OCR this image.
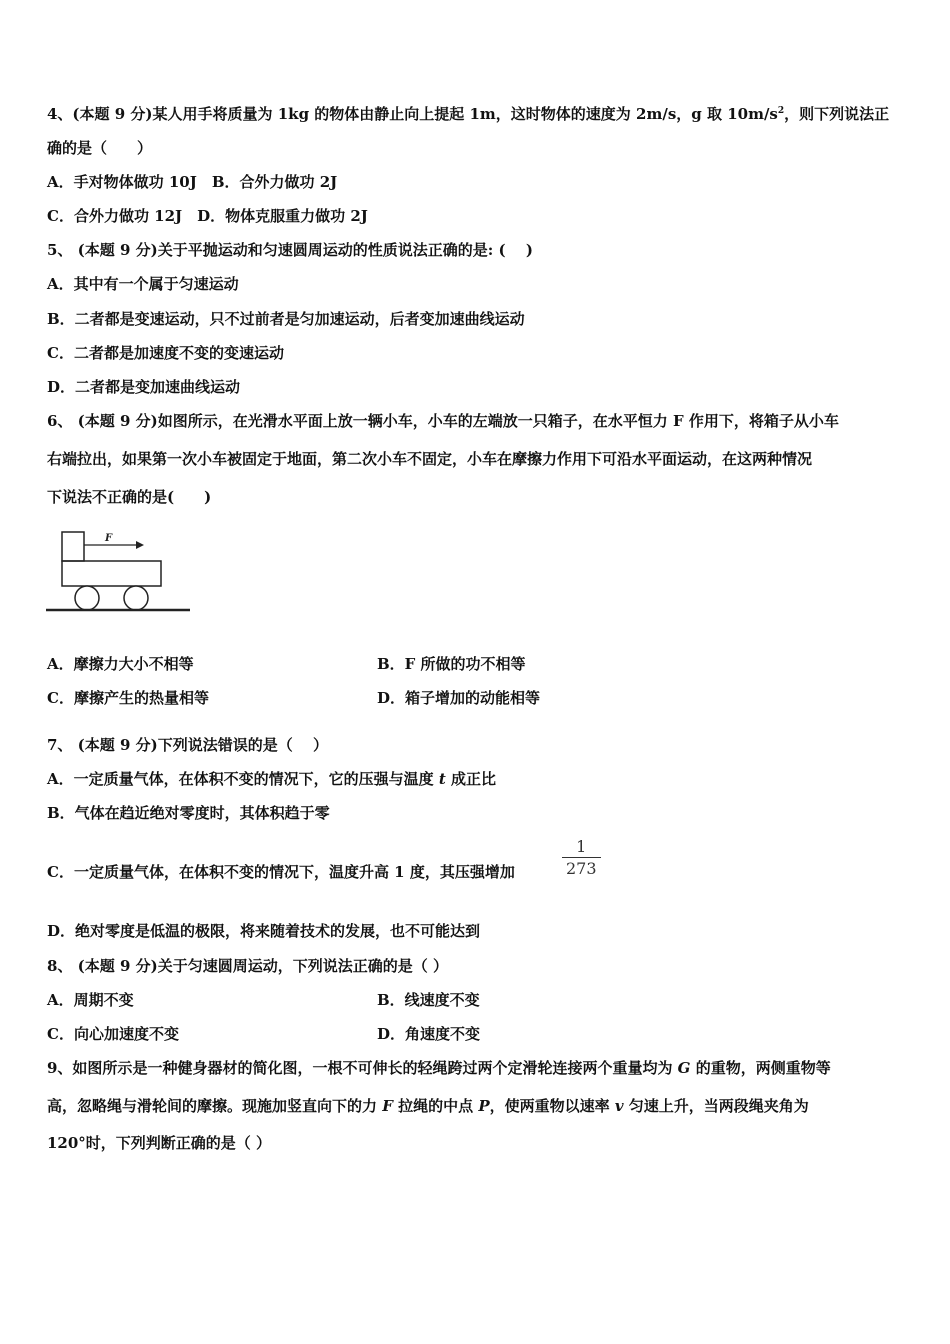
4、(本题 9 分)某人用手将质量为 1kg 的物体由静止向上提起 1m，这时物体的速度为 2m/s，g 取 $10m/s^2$，则下列说法正
确的是（　　）
A．手对物体做功 10J　B．合外力做功 2J
C．合外力做功 12J　D．物体克服重力做功 2J
5、 (本题 9 分)关于平抛运动和匀速圆周运动的性质说法正确的是: (　 )
A．其中有一个属于匀速运动
B．二者都是变速运动，只不过前者是匀加速运动，后者变加速曲线运动
C．二者都是加速度不变的变速运动
D．二者都是变加速曲线运动
6、 (本题 9 分)如图所示，在光滑水平面上放一辆小车，小车的左端放一只箱子，在水平恒力 F 作用下，将箱子从小车
右端拉出，如果第一次小车被固定于地面，第二次小车不固定，小车在摩擦力作用下可沿水平面运动，在这两种情况
下说法不正确的是(　　)
F
A．摩擦力大小不相等	B．F 所做的功不相等
C．摩擦产生的热量相等	D．箱子增加的动能相等
7、 (本题 9 分)下列说法错误的是（　 ）
A．一定质量气体，在体积不变的情况下，它的压强与温度 t 成正比
B．气体在趋近绝对零度时，其体积趋于零
C．一定质量气体，在体积不变的情况下，温度升高 1 度，其压强增加	$\frac{1}{273}$
D．绝对零度是低温的极限，将来随着技术的发展，也不可能达到
8、 (本题 9 分)关于匀速圆周运动，下列说法正确的是（ ）
A．周期不变	B．线速度不变
C．向心加速度不变	D．角速度不变
9、如图所示是一种健身器材的简化图，一根不可伸长的轻绳跨过两个定滑轮连接两个重量均为 G 的重物，两侧重物等
高，忽略绳与滑轮间的摩擦。现施加竖直向下的力 F 拉绳的中点 P，使两重物以速率 v 匀速上升，当两段绳夹角为
120°时，下列判断正确的是（ ）
